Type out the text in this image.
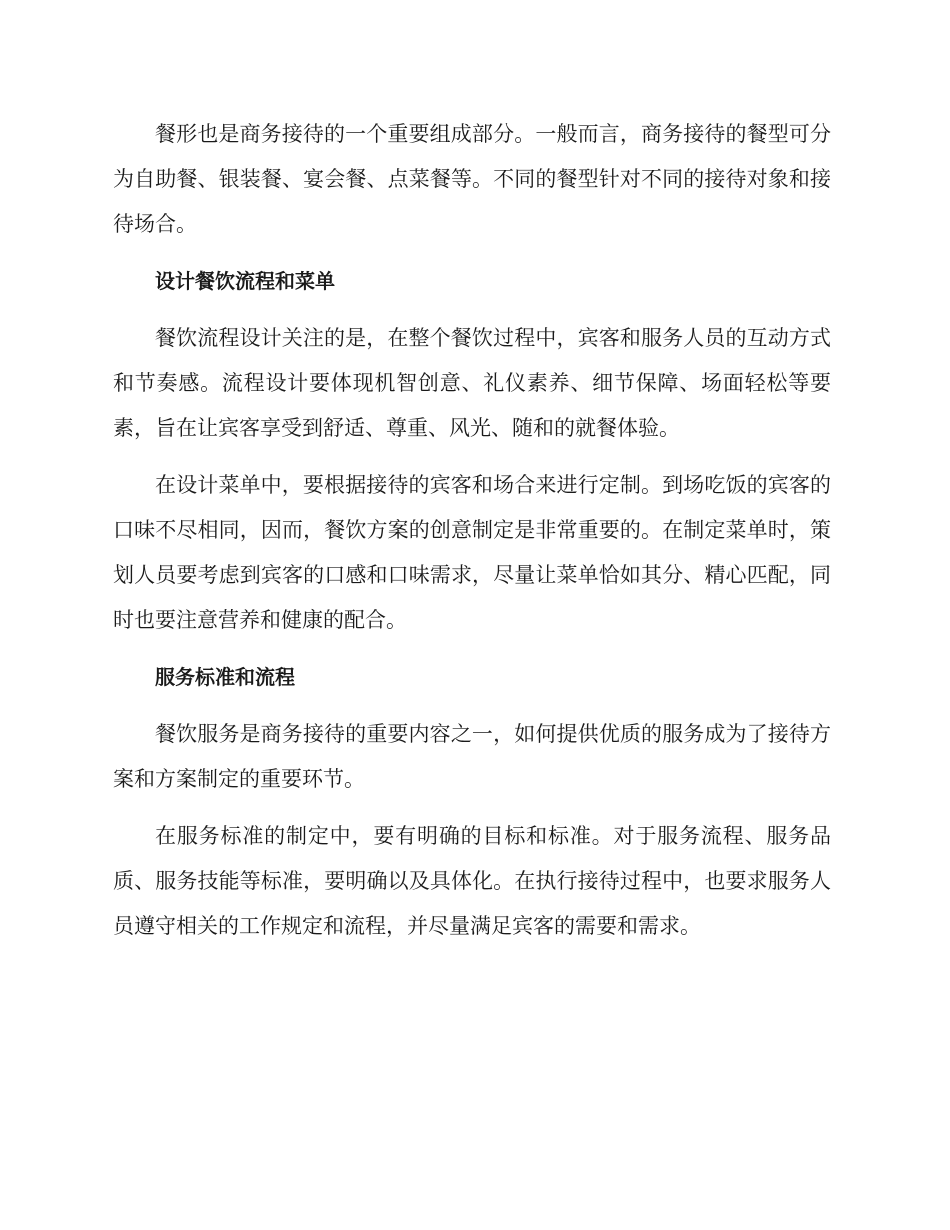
餐形也是商务接待的一个重要组成部分。一般而言，商务接待的餐型可分为自助餐、银装餐、宴会餐、点菜餐等。不同的餐型针对不同的接待对象和接待场合。

设计餐饮流程和菜单

餐饮流程设计关注的是，在整个餐饮过程中，宾客和服务人员的互动方式和节奏感。流程设计要体现机智创意、礼仪素养、细节保障、场面轻松等要素，旨在让宾客享受到舒适、尊重、风光、随和的就餐体验。

在设计菜单中，要根据接待的宾客和场合来进行定制。到场吃饭的宾客的口味不尽相同，因而，餐饮方案的创意制定是非常重要的。在制定菜单时，策划人员要考虑到宾客的口感和口味需求，尽量让菜单恰如其分、精心匹配，同时也要注意营养和健康的配合。

服务标准和流程

餐饮服务是商务接待的重要内容之一，如何提供优质的服务成为了接待方案和方案制定的重要环节。

在服务标准的制定中，要有明确的目标和标准。对于服务流程、服务品质、服务技能等标准，要明确以及具体化。在执行接待过程中，也要求服务人员遵守相关的工作规定和流程，并尽量满足宾客的需要和需求。
